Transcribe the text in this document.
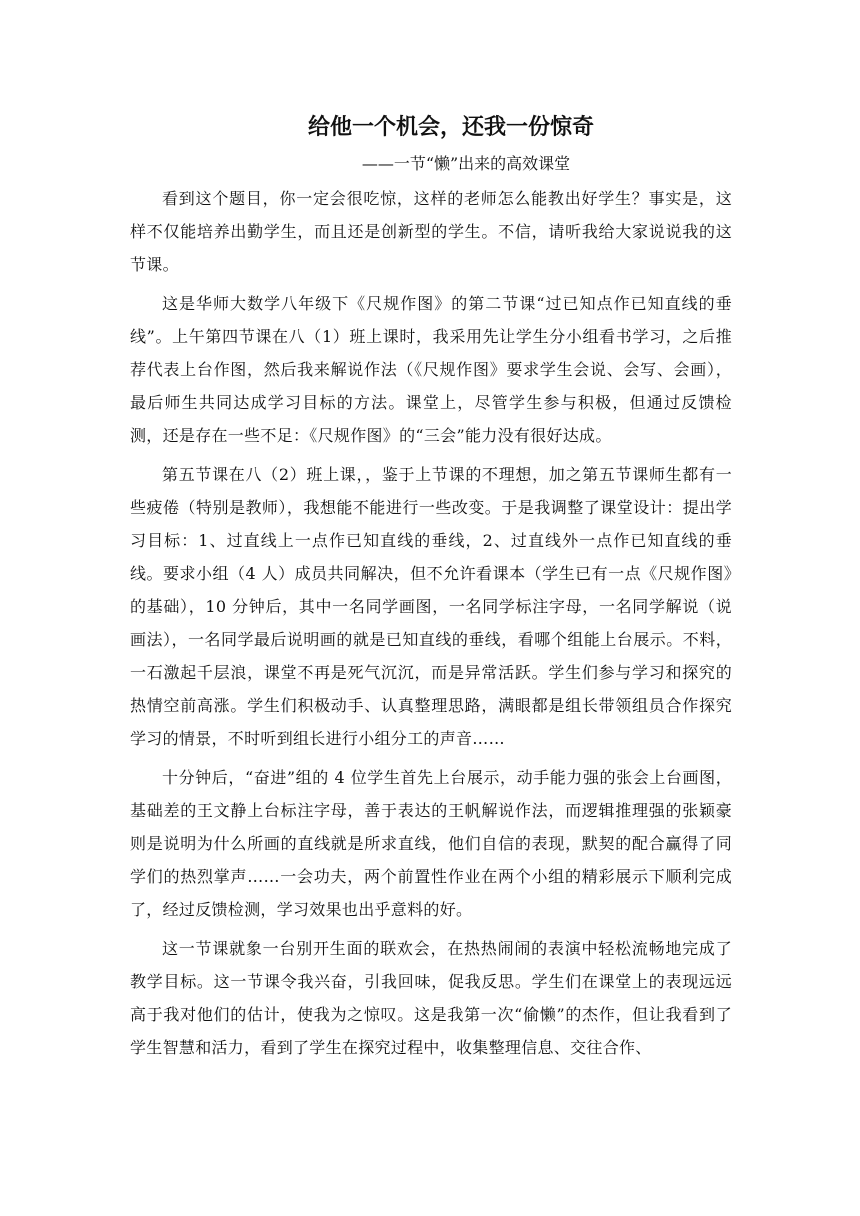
给他一个机会，还我一份惊奇

——一节“懒”出来的高效课堂

看到这个题目，你一定会很吃惊，这样的老师怎么能教出好学生？事实是，这样不仅能培养出勤学生，而且还是创新型的学生。不信，请听我给大家说说我的这节课。

这是华师大数学八年级下《尺规作图》的第二节课“过已知点作已知直线的垂线”。上午第四节课在八（1）班上课时，我采用先让学生分小组看书学习，之后推荐代表上台作图，然后我来解说作法（《尺规作图》要求学生会说、会写、会画），最后师生共同达成学习目标的方法。课堂上，尽管学生参与积极，但通过反馈检测，还是存在一些不足：《尺规作图》的“三会”能力没有很好达成。

第五节课在八（2）班上课，，鉴于上节课的不理想，加之第五节课师生都有一些疲倦（特别是教师），我想能不能进行一些改变。于是我调整了课堂设计：提出学习目标：1、过直线上一点作已知直线的垂线，2、过直线外一点作已知直线的垂线。要求小组（4 人）成员共同解决，但不允许看课本（学生已有一点《尺规作图》的基础），10 分钟后，其中一名同学画图，一名同学标注字母，一名同学解说（说画法），一名同学最后说明画的就是已知直线的垂线，看哪个组能上台展示。不料，一石激起千层浪，课堂不再是死气沉沉，而是异常活跃。学生们参与学习和探究的热情空前高涨。学生们积极动手、认真整理思路，满眼都是组长带领组员合作探究学习的情景，不时听到组长进行小组分工的声音……

十分钟后，“奋进”组的 4 位学生首先上台展示，动手能力强的张会上台画图，基础差的王文静上台标注字母，善于表达的王帆解说作法，而逻辑推理强的张颖豪则是说明为什么所画的直线就是所求直线，他们自信的表现，默契的配合赢得了同学们的热烈掌声……一会功夫，两个前置性作业在两个小组的精彩展示下顺利完成了，经过反馈检测，学习效果也出乎意料的好。

这一节课就象一台别开生面的联欢会，在热热闹闹的表演中轻松流畅地完成了教学目标。这一节课令我兴奋，引我回味，促我反思。学生们在课堂上的表现远远高于我对他们的估计，使我为之惊叹。这是我第一次“偷懒”的杰作，但让我看到了学生智慧和活力，看到了学生在探究过程中，收集整理信息、交往合作、
